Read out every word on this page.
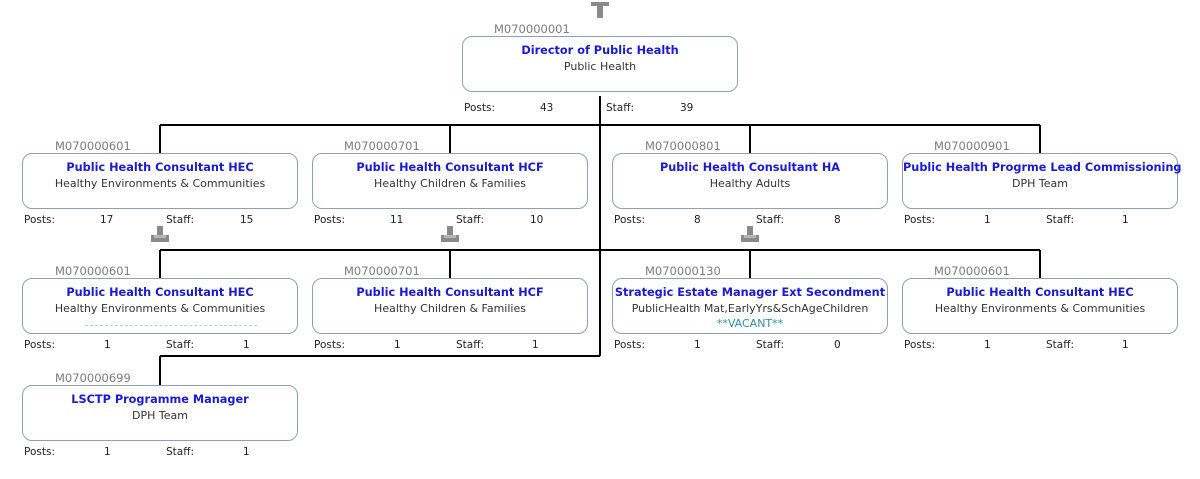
M070000001
Director of Public Health
Public Health
Posts:	43	Staff:	39
M070000601
Public Health Consultant HEC
Healthy Environments & Communities
Posts:	17	Staff:	15
M070000701
Public Health Consultant HCF
Healthy Children & Families
Posts:	11	Staff:	10
M070000801
Public Health Consultant HA
Healthy Adults
Posts:	8	Staff:	8
M070000901
Public Health Progrme Lead Commissioning
DPH Team
Posts:	1	Staff:	1
M070000601
Public Health Consultant HEC
Healthy Environments & Communities
Posts:	1	Staff:	1
M070000701
Public Health Consultant HCF
Healthy Children & Families
Posts:	1	Staff:	1
M070000130
Strategic Estate Manager Ext Secondment
PublicHealth Mat,EarlyYrs&SchAgeChildren
**VACANT**
Posts:	1	Staff:	0
M070000601
Public Health Consultant HEC
Healthy Environments & Communities
Posts:	1	Staff:	1
M070000699
LSCTP Programme Manager
DPH Team
Posts:	1	Staff:	1
